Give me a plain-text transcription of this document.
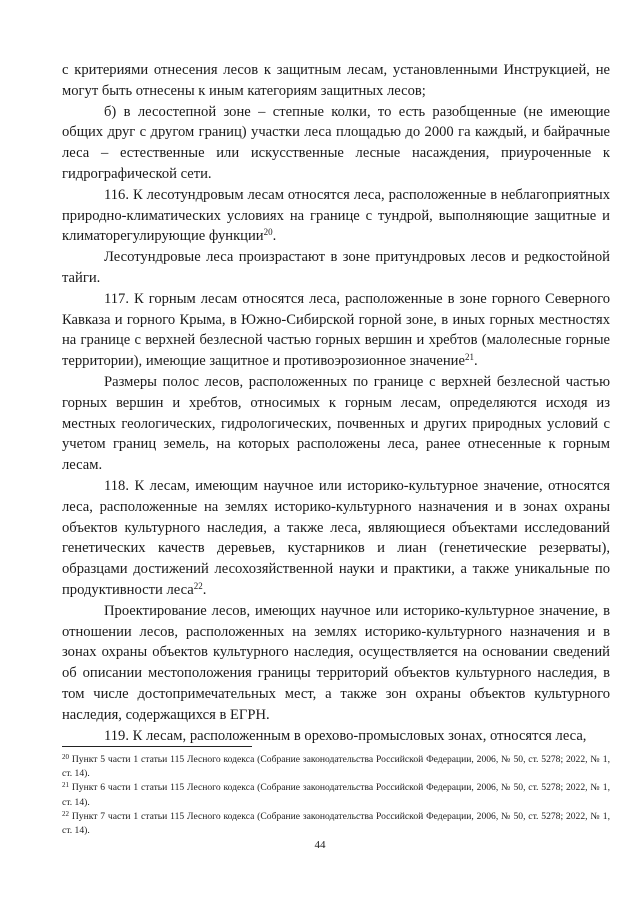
с критериями отнесения лесов к защитным лесам, установленными Инструкцией, не могут быть отнесены к иным категориям защитных лесов;

б) в лесостепной зоне – степные колки, то есть разобщенные (не имеющие общих друг с другом границ) участки леса площадью до 2000 га каждый, и байрачные леса – естественные или искусственные лесные насаждения, приуроченные к гидрографической сети.

116. К лесотундровым лесам относятся леса, расположенные в неблагоприятных природно-климатических условиях на границе с тундрой, выполняющие защитные и климаторегулирующие функции$^{20}$.

Лесотундровые леса произрастают в зоне притундровых лесов и редкостойной тайги.

117. К горным лесам относятся леса, расположенные в зоне горного Северного Кавказа и горного Крыма, в Южно-Сибирской горной зоне, в иных горных местностях на границе с верхней безлесной частью горных вершин и хребтов (малолесные горные территории), имеющие защитное и противоэрозионное значение$^{21}$.

Размеры полос лесов, расположенных по границе с верхней безлесной частью горных вершин и хребтов, относимых к горным лесам, определяются исходя из местных геологических, гидрологических, почвенных и других природных условий с учетом границ земель, на которых расположены леса, ранее отнесенные к горным лесам.

118. К лесам, имеющим научное или историко-культурное значение, относятся леса, расположенные на землях историко-культурного назначения и в зонах охраны объектов культурного наследия, а также леса, являющиеся объектами исследований генетических качеств деревьев, кустарников и лиан (генетические резерваты), образцами достижений лесохозяйственной науки и практики, а также уникальные по продуктивности леса$^{22}$.

Проектирование лесов, имеющих научное или историко-культурное значение, в отношении лесов, расположенных на землях историко-культурного назначения и в зонах охраны объектов культурного наследия, осуществляется на основании сведений об описании местоположения границы территорий объектов культурного наследия, в том числе достопримечательных мест, а также зон охраны объектов культурного наследия, содержащихся в ЕГРН.

119. К лесам, расположенным в орехово-промысловых зонах, относятся леса,

$^{20}$ Пункт 5 части 1 статьи 115 Лесного кодекса (Собрание законодательства Российской Федерации, 2006, № 50, ст. 5278; 2022, № 1, ст. 14).

$^{21}$ Пункт 6 части 1 статьи 115 Лесного кодекса (Собрание законодательства Российской Федерации, 2006, № 50, ст. 5278; 2022, № 1, ст. 14).

$^{22}$ Пункт 7 части 1 статьи 115 Лесного кодекса (Собрание законодательства Российской Федерации, 2006, № 50, ст. 5278; 2022, № 1, ст. 14).

44
